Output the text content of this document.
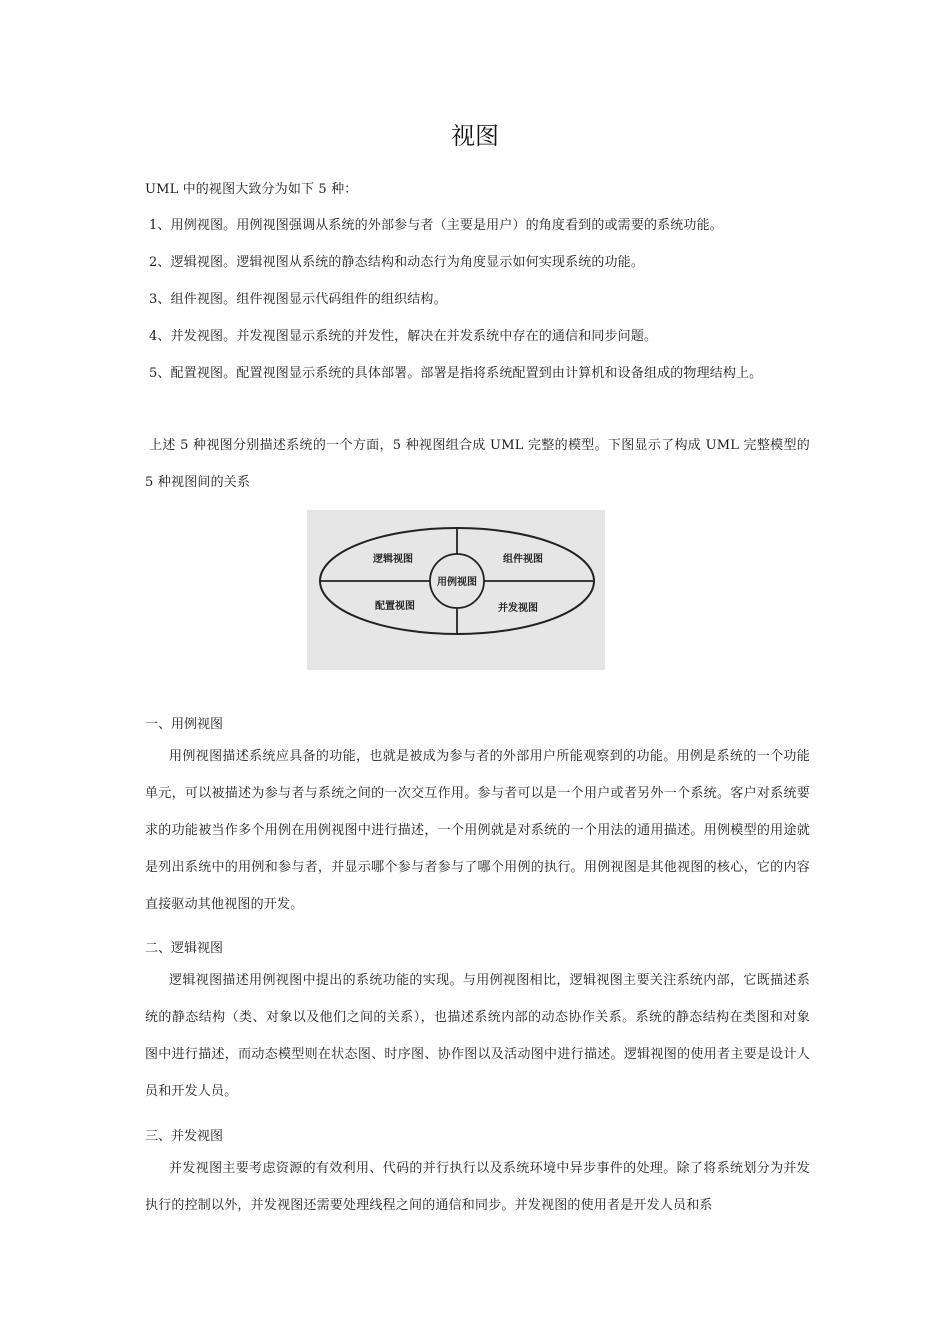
视图
UML 中的视图大致分为如下 5 种：
1、用例视图。用例视图强调从系统的外部参与者（主要是用户）的角度看到的或需要的系统功能。
2、逻辑视图。逻辑视图从系统的静态结构和动态行为角度显示如何实现系统的功能。
3、组件视图。组件视图显示代码组件的组织结构。
4、并发视图。并发视图显示系统的并发性，解决在并发系统中存在的通信和同步问题。
5、配置视图。配置视图显示系统的具体部署。部署是指将系统配置到由计算机和设备组成的物理结构上。
上述 5 种视图分别描述系统的一个方面，5 种视图组合成 UML 完整的模型。下图显示了构成 UML 完整模型的 5 种视图间的关系
用例视图
逻辑视图	组件视图
配置视图	并发视图
一、用例视图
用例视图描述系统应具备的功能，也就是被成为参与者的外部用户所能观察到的功能。用例是系统的一个功能单元，可以被描述为参与者与系统之间的一次交互作用。参与者可以是一个用户或者另外一个系统。客户对系统要求的功能被当作多个用例在用例视图中进行描述，一个用例就是对系统的一个用法的通用描述。用例模型的用途就是列出系统中的用例和参与者，并显示哪个参与者参与了哪个用例的执行。用例视图是其他视图的核心，它的内容直接驱动其他视图的开发。
二、逻辑视图
逻辑视图描述用例视图中提出的系统功能的实现。与用例视图相比，逻辑视图主要关注系统内部，它既描述系统的静态结构（类、对象以及他们之间的关系），也描述系统内部的动态协作关系。系统的静态结构在类图和对象图中进行描述，而动态模型则在状态图、时序图、协作图以及活动图中进行描述。逻辑视图的使用者主要是设计人员和开发人员。
三、并发视图
并发视图主要考虑资源的有效利用、代码的并行执行以及系统环境中异步事件的处理。除了将系统划分为并发执行的控制以外，并发视图还需要处理线程之间的通信和同步。并发视图的使用者是开发人员和系
